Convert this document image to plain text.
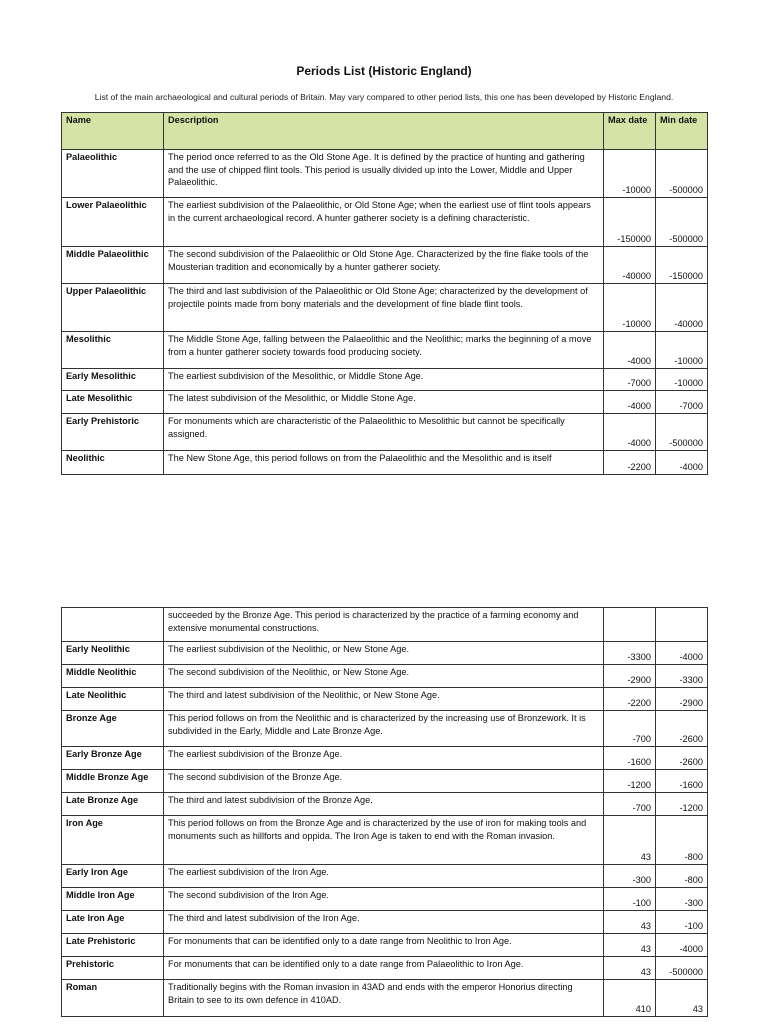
Periods List (Historic England)
List of the main archaeological and cultural periods of Britain. May vary compared to other period lists, this one has been developed by Historic England.
Name	Description	Max date	Min date
Palaeolithic	The period once referred to as the Old Stone Age. It is defined by the practice of hunting and gathering and the use of chipped flint tools. This period is usually divided up into the Lower, Middle and Upper Palaeolithic.	-10000	-500000
Lower Palaeolithic	The earliest subdivision of the Palaeolithic, or Old Stone Age; when the earliest use of flint tools appears in the current archaeological record. A hunter gatherer society is a defining characteristic.	-150000	-500000
Middle Palaeolithic	The second subdivision of the Palaeolithic or Old Stone Age. Characterized by the fine flake tools of the Mousterian tradition and economically by a hunter gatherer society.	-40000	-150000
Upper Palaeolithic	The third and last subdivision of the Palaeolithic or Old Stone Age; characterized by the development of projectile points made from bony materials and the development of fine blade flint tools.	-10000	-40000
Mesolithic	The Middle Stone Age, falling between the Palaeolithic and the Neolithic; marks the beginning of a move from a hunter gatherer society towards food producing society.	-4000	-10000
Early Mesolithic	The earliest subdivision of the Mesolithic, or Middle Stone Age.	-7000	-10000
Late Mesolithic	The latest subdivision of the Mesolithic, or Middle Stone Age.	-4000	-7000
Early Prehistoric	For monuments which are characteristic of the Palaeolithic to Mesolithic but cannot be specifically assigned.	-4000	-500000
Neolithic	The New Stone Age, this period follows on from the Palaeolithic and the Mesolithic and is itself	-2200	-4000
	succeeded by the Bronze Age. This period is characterized by the practice of a farming economy and extensive monumental constructions.		
Early Neolithic	The earliest subdivision of the Neolithic, or New Stone Age.	-3300	-4000
Middle Neolithic	The second subdivision of the Neolithic, or New Stone Age.	-2900	-3300
Late Neolithic	The third and latest subdivision of the Neolithic, or New Stone Age.	-2200	-2900
Bronze Age	This period follows on from the Neolithic and is characterized by the increasing use of Bronzework. It is subdivided in the Early, Middle and Late Bronze Age.	-700	-2600
Early Bronze Age	The earliest subdivision of the Bronze Age.	-1600	-2600
Middle Bronze Age	The second subdivision of the Bronze Age.	-1200	-1600
Late Bronze Age	The third and latest subdivision of the Bronze Age.	-700	-1200
Iron Age	This period follows on from the Bronze Age and is characterized by the use of iron for making tools and monuments such as hillforts and oppida. The Iron Age is taken to end with the Roman invasion.	43	-800
Early Iron Age	The earliest subdivision of the Iron Age.	-300	-800
Middle Iron Age	The second subdivision of the Iron Age.	-100	-300
Late Iron Age	The third and latest subdivision of the Iron Age.	43	-100
Late Prehistoric	For monuments that can be identified only to a date range from Neolithic to Iron Age.	43	-4000
Prehistoric	For monuments that can be identified only to a date range from Palaeolithic to Iron Age.	43	-500000
Roman	Traditionally begins with the Roman invasion in 43AD and ends with the emperor Honorius directing Britain to see to its own defence in 410AD.	410	43
